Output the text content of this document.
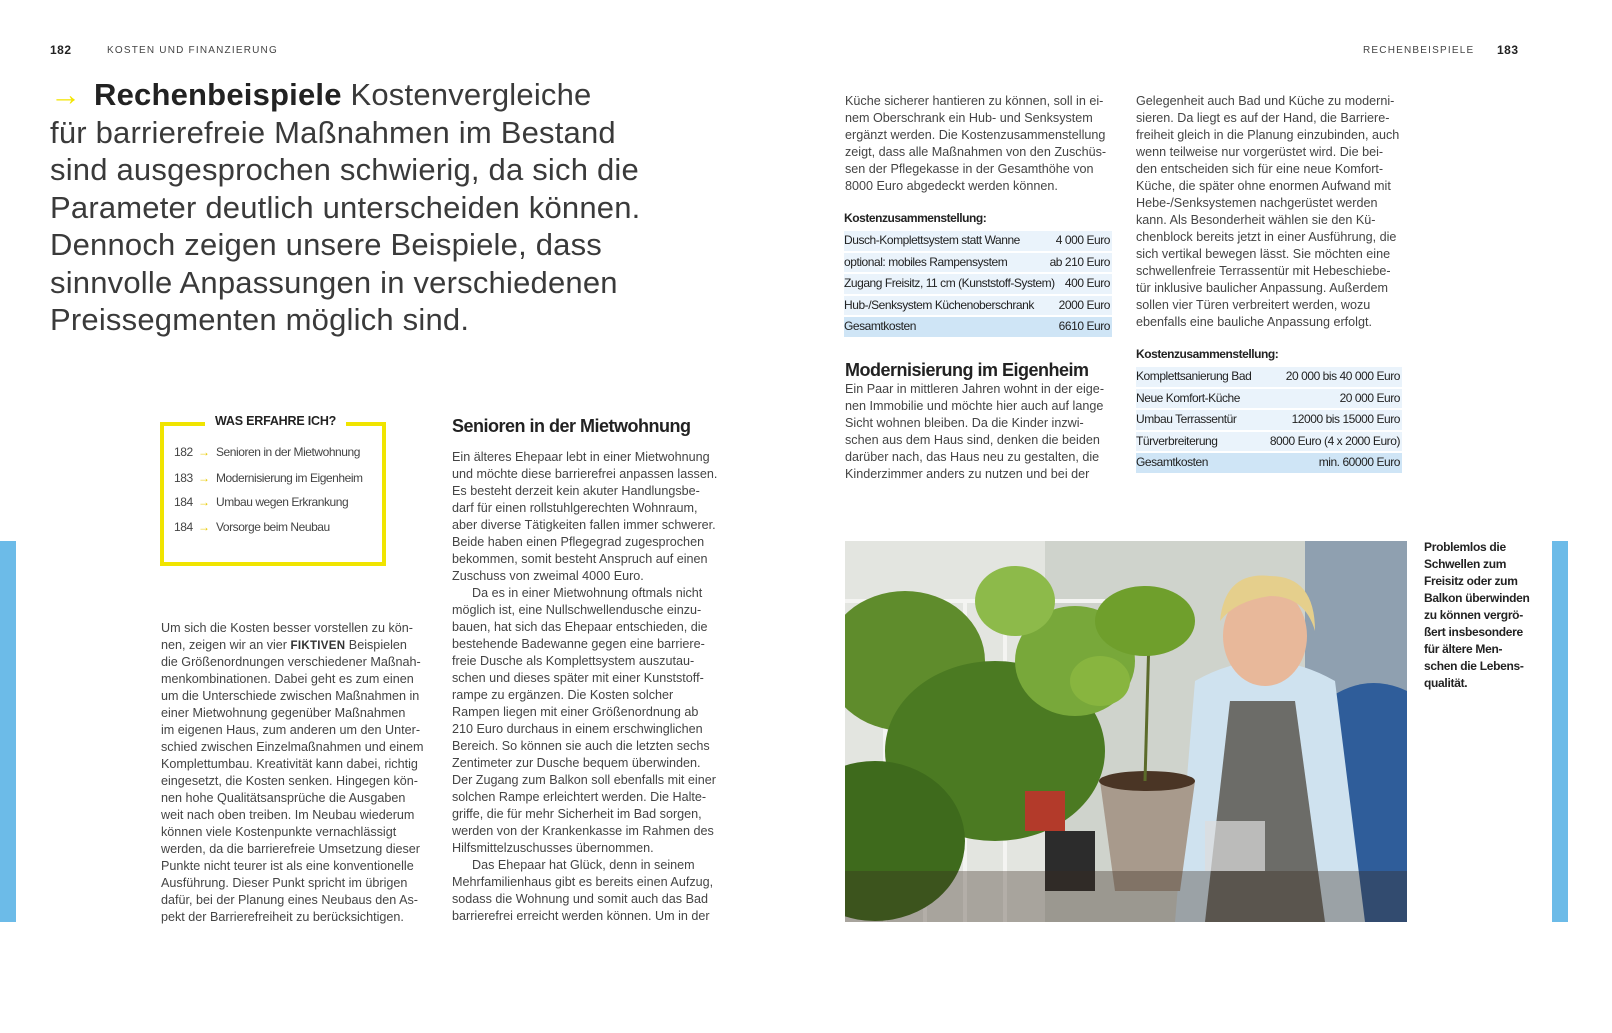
182	KOSTEN UND FINANZIERUNG	RECHENBEISPIELE 183
→ Rechenbeispiele Kostenvergleiche
für barrierefreie Maßnahmen im Bestand
sind ausgesprochen schwierig, da sich die
Parameter deutlich unterscheiden können.
Dennoch zeigen unsere Beispiele, dass
sinnvolle Anpassungen in verschiedenen
Preissegmenten möglich sind.
WAS ERFAHRE ICH?
182 → Senioren in der Mietwohnung
183 → Modernisierung im Eigenheim
184 → Umbau wegen Erkrankung
184 → Vorsorge beim Neubau
Um sich die Kosten besser vorstellen zu kön-
nen, zeigen wir an vier FIKTIVEN Beispielen
die Größenordnungen verschiedener Maßnah-
menkombinationen. Dabei geht es zum einen
um die Unterschiede zwischen Maßnahmen in
einer Mietwohnung gegenüber Maßnahmen
im eigenen Haus, zum anderen um den Unter-
schied zwischen Einzelmaßnahmen und einem
Komplettumbau. Kreativität kann dabei, richtig
eingesetzt, die Kosten senken. Hingegen kön-
nen hohe Qualitätsansprüche die Ausgaben
weit nach oben treiben. Im Neubau wiederum
können viele Kostenpunkte vernachlässigt
werden, da die barrierefreie Umsetzung dieser
Punkte nicht teurer ist als eine konventionelle
Ausführung. Dieser Punkt spricht im übrigen
dafür, bei der Planung eines Neubaus den As-
pekt der Barrierefreiheit zu berücksichtigen.
Senioren in der Mietwohnung
Ein älteres Ehepaar lebt in einer Mietwohnung
und möchte diese barrierefrei anpassen lassen.
Es besteht derzeit kein akuter Handlungsbe-
darf für einen rollstuhlgerechten Wohnraum,
aber diverse Tätigkeiten fallen immer schwerer.
Beide haben einen Pflegegrad zugesprochen
bekommen, somit besteht Anspruch auf einen
Zuschuss von zweimal 4000 Euro.
Da es in einer Mietwohnung oftmals nicht
möglich ist, eine Nullschwellendusche einzu-
bauen, hat sich das Ehepaar entschieden, die
bestehende Badewanne gegen eine barriere-
freie Dusche als Komplettsystem auszutau-
schen und dieses später mit einer Kunststoff-
rampe zu ergänzen. Die Kosten solcher
Rampen liegen mit einer Größenordnung ab
210 Euro durchaus in einem erschwinglichen
Bereich. So können sie auch die letzten sechs
Zentimeter zur Dusche bequem überwinden.
Der Zugang zum Balkon soll ebenfalls mit einer
solchen Rampe erleichtert werden. Die Halte-
griffe, die für mehr Sicherheit im Bad sorgen,
werden von der Krankenkasse im Rahmen des
Hilfsmittelzuschusses übernommen.
Das Ehepaar hat Glück, denn in seinem
Mehrfamilienhaus gibt es bereits einen Aufzug,
sodass die Wohnung und somit auch das Bad
barrierefrei erreicht werden können. Um in der
Küche sicherer hantieren zu können, soll in ei-
nem Oberschrank ein Hub- und Senksystem
ergänzt werden. Die Kostenzusammenstellung
zeigt, dass alle Maßnahmen von den Zuschüs-
sen der Pflegekasse in der Gesamthöhe von
8000 Euro abgedeckt werden können.
Kostenzusammenstellung:
Dusch-Komplettsystem statt Wanne	4 000 Euro
optional: mobiles Rampensystem	ab 210 Euro
Zugang Freisitz, 11 cm (Kunststoff-System) 400 Euro
Hub-/Senksystem Küchenoberschrank 2000 Euro
Gesamtkosten	6610 Euro
Modernisierung im Eigenheim
Ein Paar in mittleren Jahren wohnt in der eige-
nen Immobilie und möchte hier auch auf lange
Sicht wohnen bleiben. Da die Kinder inzwi-
schen aus dem Haus sind, denken die beiden
darüber nach, das Haus neu zu gestalten, die
Kinderzimmer anders zu nutzen und bei der
Gelegenheit auch Bad und Küche zu moderni-
sieren. Da liegt es auf der Hand, die Barriere-
freiheit gleich in die Planung einzubinden, auch
wenn teilweise nur vorgerüstet wird. Die bei-
den entscheiden sich für eine neue Komfort-
Küche, die später ohne enormen Aufwand mit
Hebe-/Senksystemen nachgerüstet werden
kann. Als Besonderheit wählen sie den Kü-
chenblock bereits jetzt in einer Ausführung, die
sich vertikal bewegen lässt. Sie möchten eine
schwellenfreie Terrassentür mit Hebeschiebe-
tür inklusive baulicher Anpassung. Außerdem
sollen vier Türen verbreitert werden, wozu
ebenfalls eine bauliche Anpassung erfolgt.
Kostenzusammenstellung:
Komplettsanierung Bad	20 000 bis 40 000 Euro
Neue Komfort-Küche	20 000 Euro
Umbau Terrassentür	12000 bis 15000 Euro
Türverbreiterung	8000 Euro (4 x 2000 Euro)
Gesamtkosten	min. 60000 Euro
Problemlos die
Schwellen zum
Freisitz oder zum
Balkon überwinden
zu können vergrö-
ßert insbesondere
für ältere Men-
schen die Lebens-
qualität.
